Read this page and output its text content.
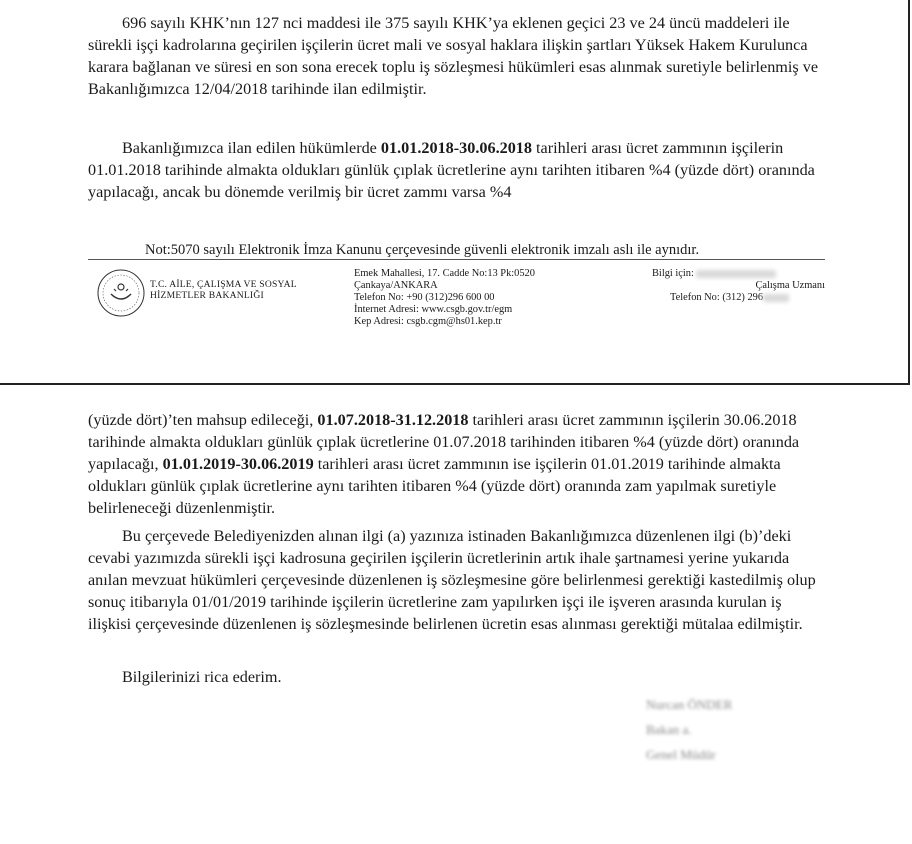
696 sayılı KHK’nın 127 nci maddesi ile 375 sayılı KHK’ya eklenen geçici 23 ve 24 üncü maddeleri ile sürekli işçi kadrolarına geçirilen işçilerin ücret mali ve sosyal haklara ilişkin şartları Yüksek Hakem Kurulunca karara bağlanan ve süresi en son sona erecek toplu iş sözleşmesi hükümleri esas alınmak suretiyle belirlenmiş ve Bakanlığımızca 12/04/2018 tarihinde ilan edilmiştir.

Bakanlığımızca ilan edilen hükümlerde 01.01.2018-30.06.2018 tarihleri arası ücret zammının işçilerin 01.01.2018 tarihinde almakta oldukları günlük çıplak ücretlerine aynı tarihten itibaren %4 (yüzde dört) oranında yapılacağı, ancak bu dönemde verilmiş bir ücret zammı varsa %4

Not:5070 sayılı Elektronik İmza Kanunu çerçevesinde güvenli elektronik imzalı aslı ile aynıdır.
T.C. AİLE, ÇALIŞMA VE SOSYAL
HİZMETLER BAKANLIĞI
Emek Mahallesi, 17. Cadde No:13 Pk:0520
Çankaya/ANKARA
Telefon No: +90 (312)296 600 00
İnternet Adresi: www.csgb.gov.tr/egm
Kep Adresi: csgb.cgm@hs01.kep.tr
Bilgi için:
Çalışma Uzmanı
Telefon No: (312) 296

(yüzde dört)’ten mahsup edileceği, 01.07.2018-31.12.2018 tarihleri arası ücret zammının işçilerin 30.06.2018 tarihinde almakta oldukları günlük çıplak ücretlerine 01.07.2018 tarihinden itibaren %4 (yüzde dört) oranında yapılacağı, 01.01.2019-30.06.2019 tarihleri arası ücret zammının ise işçilerin 01.01.2019 tarihinde almakta oldukları günlük çıplak ücretlerine aynı tarihten itibaren %4 (yüzde dört) oranında zam yapılmak suretiyle belirleneceği düzenlenmiştir.

Bu çerçevede Belediyenizden alınan ilgi (a) yazınıza istinaden Bakanlığımızca düzenlenen ilgi (b)’deki cevabi yazımızda sürekli işçi kadrosuna geçirilen işçilerin ücretlerinin artık ihale şartnamesi yerine yukarıda anılan mevzuat hükümleri çerçevesinde düzenlenen iş sözleşmesine göre belirlenmesi gerektiği kastedilmiş olup sonuç itibarıyla 01/01/2019 tarihinde işçilerin ücretlerine zam yapılırken işçi ile işveren arasında kurulan iş ilişkisi çerçevesinde düzenlenen iş sözleşmesinde belirlenen ücretin esas alınması gerektiği mütalaa edilmiştir.

Bilgilerinizi rica ederim.

Nurcan ÖNDER
Bakan a.
Genel Müdür
